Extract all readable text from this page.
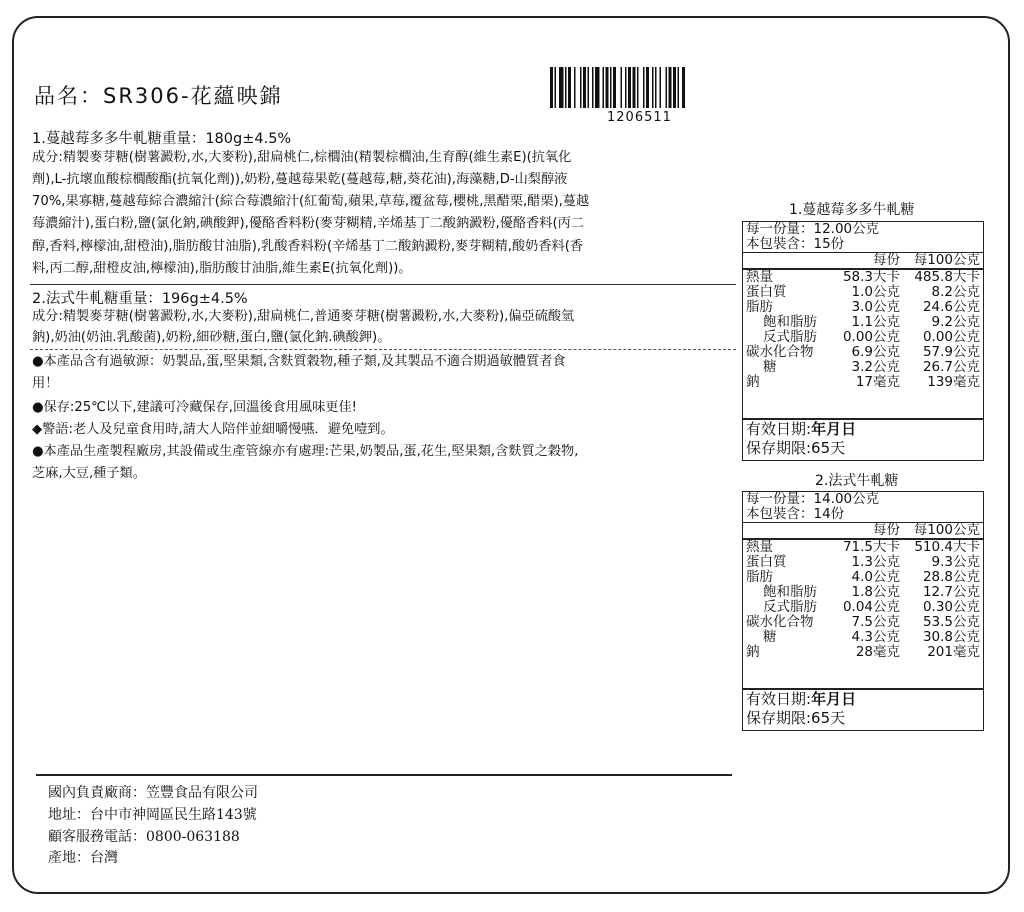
品名：SR306-花蘊映錦
1206511
1.蔓越莓多多牛軋糖重量：180g±4.5%
成分:精製麥芽糖(樹薯澱粉,水,大麥粉),甜扁桃仁,棕櫚油(精製棕櫚油,生育醇(維生素E)(抗氧化
劑),L-抗壞血酸棕櫚酸酯(抗氧化劑)),奶粉,蔓越莓果乾(蔓越莓,糖,葵花油),海藻糖,D-山梨醇液
70%,果寡糖,蔓越莓綜合濃縮汁(綜合莓濃縮汁(紅葡萄,蘋果,草莓,覆盆莓,櫻桃,黑醋栗,醋栗),蔓越
莓濃縮汁),蛋白粉,鹽(氯化鈉,碘酸鉀),優酪香料粉(麥芽糊精,辛烯基丁二酸鈉澱粉,優酪香料(丙二
醇,香料,檸檬油,甜橙油),脂肪酸甘油脂),乳酸香料粉(辛烯基丁二酸鈉澱粉,麥芽糊精,酸奶香料(香
料,丙二醇,甜橙皮油,檸檬油),脂肪酸甘油脂,維生素E(抗氧化劑))。
2.法式牛軋糖重量：196g±4.5%
成分:精製麥芽糖(樹薯澱粉,水,大麥粉),甜扁桃仁,普通麥芽糖(樹薯澱粉,水,大麥粉),偏亞硫酸氫
鈉),奶油(奶油.乳酸菌),奶粉,細砂糖,蛋白,鹽(氯化鈉.碘酸鉀)。
●本產品含有過敏源：奶製品,蛋,堅果類,含麩質穀物,種子類,及其製品不適合期過敏體質者食
用！
●保存:25℃以下,建議可冷藏保存,回溫後食用風味更佳!
◆警語:老人及兒童食用時,請大人陪伴並細嚼慢嚥．避免噎到。
●本產品生產製程廠房,其設備或生產管線亦有處理:芒果,奶製品,蛋,花生,堅果類,含麩質之穀物,
芝麻,大豆,種子類。
國內負責廠商：笠豐食品有限公司
地址：台中市神岡區民生路143號
顧客服務電話：0800-063188
產地：台灣
1.蔓越莓多多牛軋糖
每一份量：12.00公克
本包裝含：15份
每份 每100公克
熱量	58.3大卡 485.8大卡
蛋白質	1.0公克 8.2公克
脂肪	3.0公克 24.6公克
飽和脂肪	1.1公克 9.2公克
反式脂肪 0.00公克 0.00公克
碳水化合物	6.9公克 57.9公克
糖	3.2公克 26.7公克
鈉	17毫克 139毫克
有效日期:年月日
保存期限:65天
2.法式牛軋糖
每一份量：14.00公克
本包裝含：14份
每份 每100公克
熱量	71.5大卡 510.4大卡
蛋白質	1.3公克 9.3公克
脂肪	4.0公克 28.8公克
飽和脂肪	1.8公克 12.7公克
反式脂肪 0.04公克 0.30公克
碳水化合物	7.5公克 53.5公克
糖	4.3公克 30.8公克
鈉	28毫克 201毫克
有效日期:年月日
保存期限:65天
